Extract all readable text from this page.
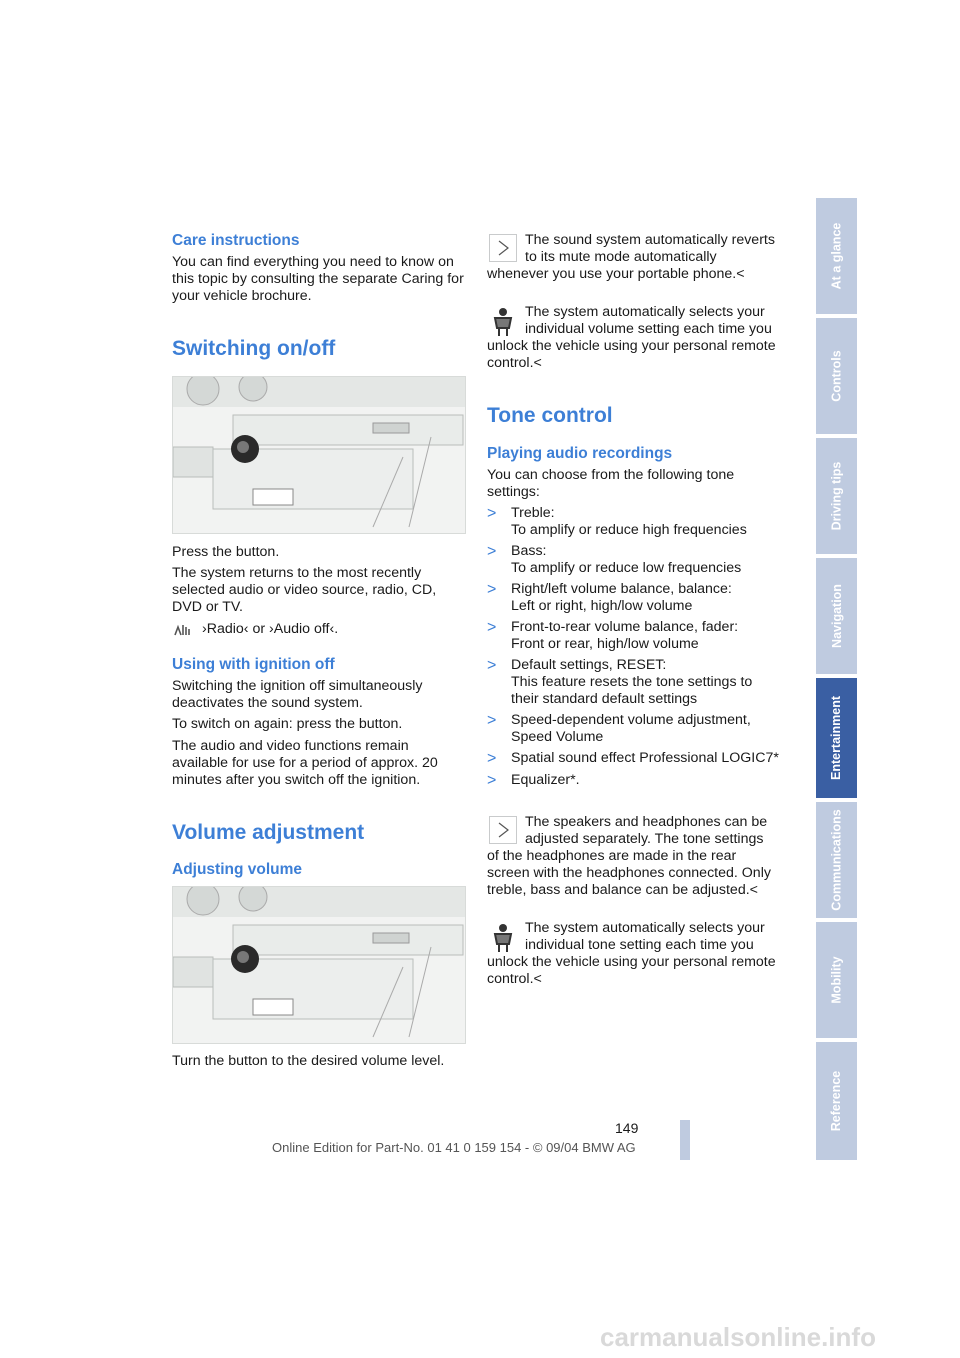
Care instructions

You can find everything you need to know on this topic by consulting the separate Caring for your vehicle brochure.

Switching on/off

Press the button.

The system returns to the most recently selected audio or video source, radio, CD, DVD or TV.

›Radio‹ or ›Audio off‹.
Using with ignition off

Switching the ignition off simultaneously deactivates the sound system.

To switch on again: press the button.

The audio and video functions remain available for use for a period of approx. 20 minutes after you switch off the ignition.

Volume adjustment
Adjusting volume

Turn the button to the desired volume level.

The sound system automatically reverts to its mute mode automatically whenever you use your portable phone.<

The system automatically selects your individual volume setting each time you unlock the vehicle using your personal remote control.<

Tone control
Playing audio recordings

You can choose from the following tone settings:

>	Treble:

To amplify or reduce high frequencies

>	Bass:

To amplify or reduce low frequencies

>	Right/left volume balance, balance:

Left or right, high/low volume

>	Front-to-rear volume balance, fader:

Front or rear, high/low volume

>	Default settings, RESET:

This feature resets the tone settings to their standard default settings

>	Speed-dependent volume adjustment, Speed Volume

>	Spatial sound effect Professional LOGIC7*

>	Equalizer*.

The speakers and headphones can be adjusted separately. The tone settings of the headphones are made in the rear screen with the headphones connected. Only treble, bass and balance can be adjusted.<

The system automatically selects your individual tone setting each time you unlock the vehicle using your personal remote control.<

At a glance
Controls
Driving tips
Navigation
Entertainment
Communications
Mobility
Reference
149
Online Edition for Part-No. 01 41 0 159 154 - © 09/04 BMW AG
carmanualsonline.info
